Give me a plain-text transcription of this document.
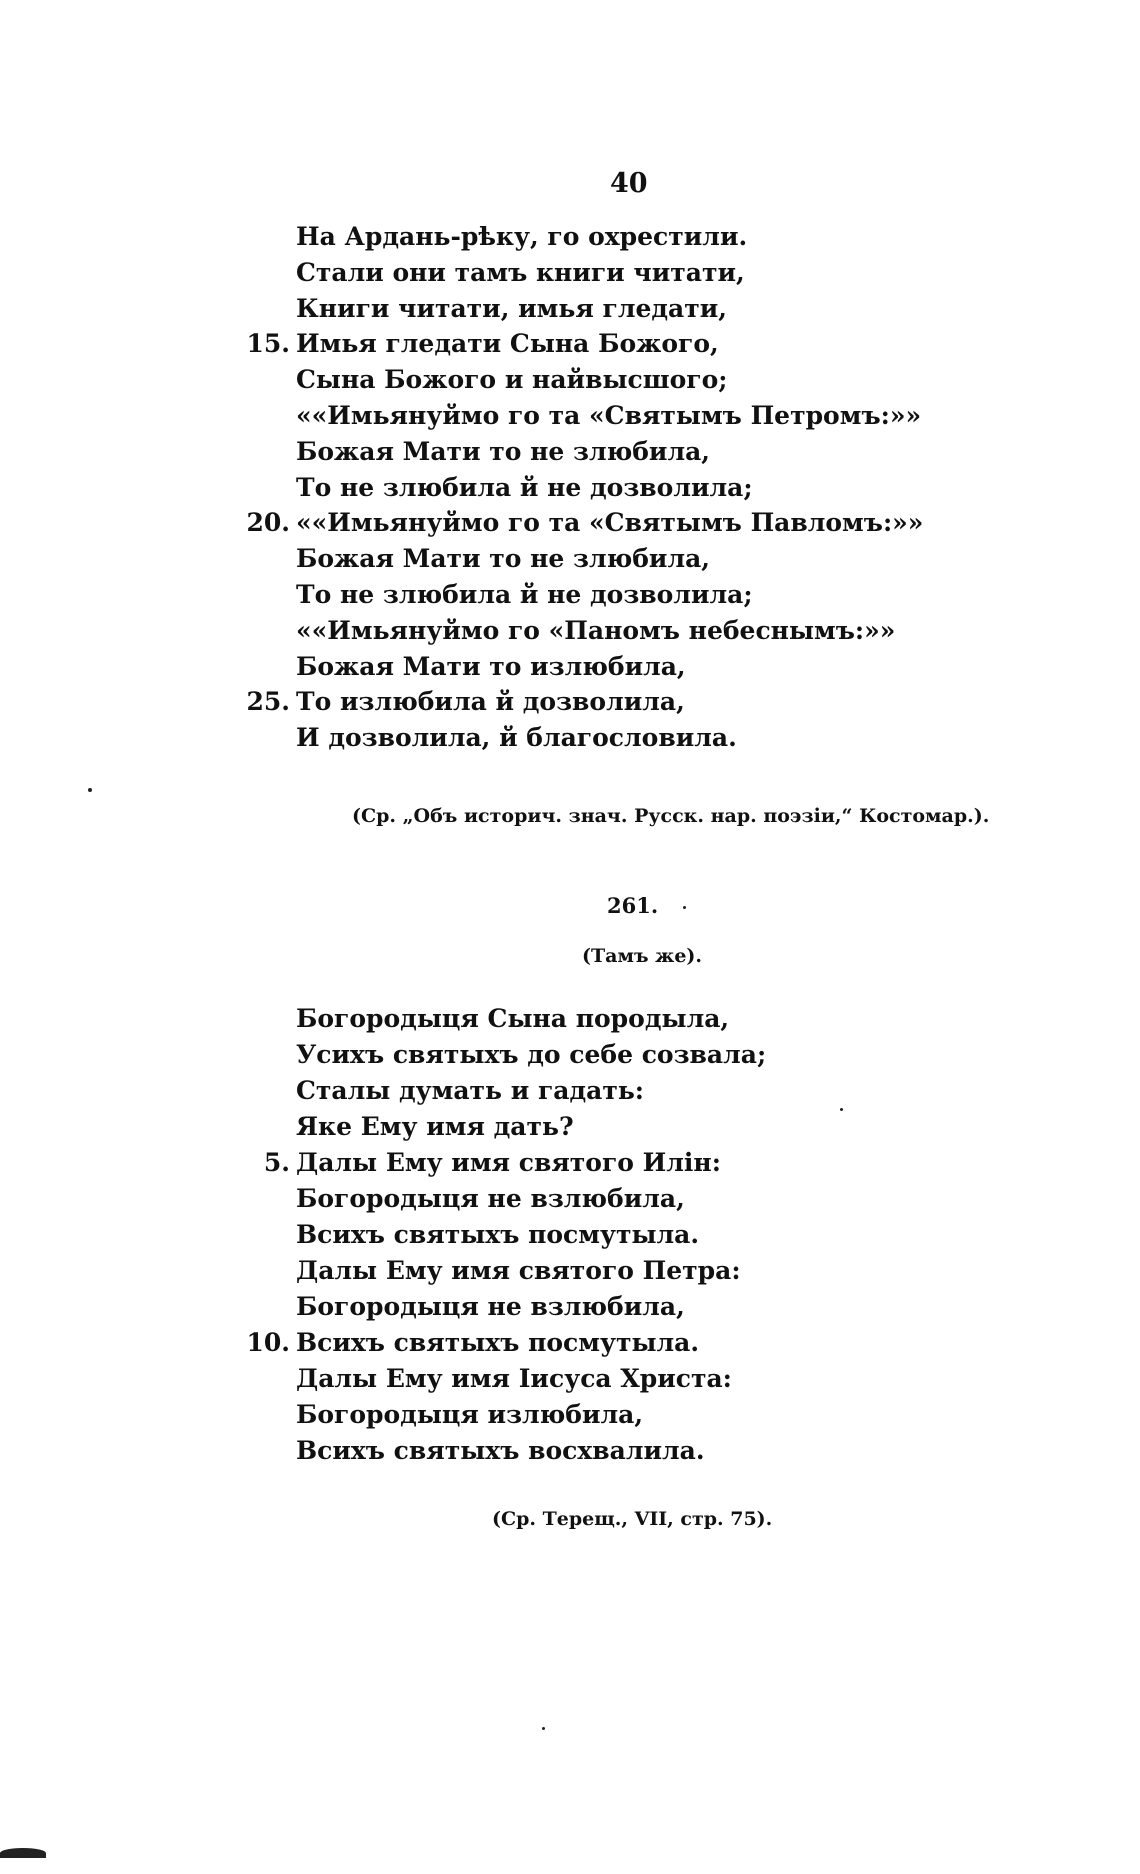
40
На Ардань-рѣку, го охрестили.
Стали они тамъ книги читати,
Книги читати, имья гледати,
15. Имья гледати Сына Божого,
Сына Божого и найвысшого;
««Имьянуймо го та «Святымъ Петромъ:»»
Божая Мати то не злюбила,
То не злюбила й не дозволила;
20. ««Имьянуймо го та «Святымъ Павломъ:»»
Божая Мати то не злюбила,
То не злюбила й не дозволила;
««Имьянуймо го «Паномъ небеснымъ:»»
Божая Мати то излюбила,
25. То излюбила й дозволила,
И дозволила, й благословила.
(Ср. „Объ историч. знач. Русск. нар. поэзіи,“ Костомар.).
261.
(Тамъ же).
Богородыця Сына породыла,
Усихъ святыхъ до себе созвала;
Сталы думать и гадать:
Яке Ему имя дать?
5. Далы Ему имя святого Илін:
Богородыця не взлюбила,
Всихъ святыхъ посмутыла.
Далы Ему имя святого Петра:
Богородыця не взлюбила,
10. Всихъ святыхъ посмутыла.
Далы Ему имя Іисуса Христа:
Богородыця излюбила,
Всихъ святыхъ восхвалила.
(Ср. Терещ., VII, стр. 75).
